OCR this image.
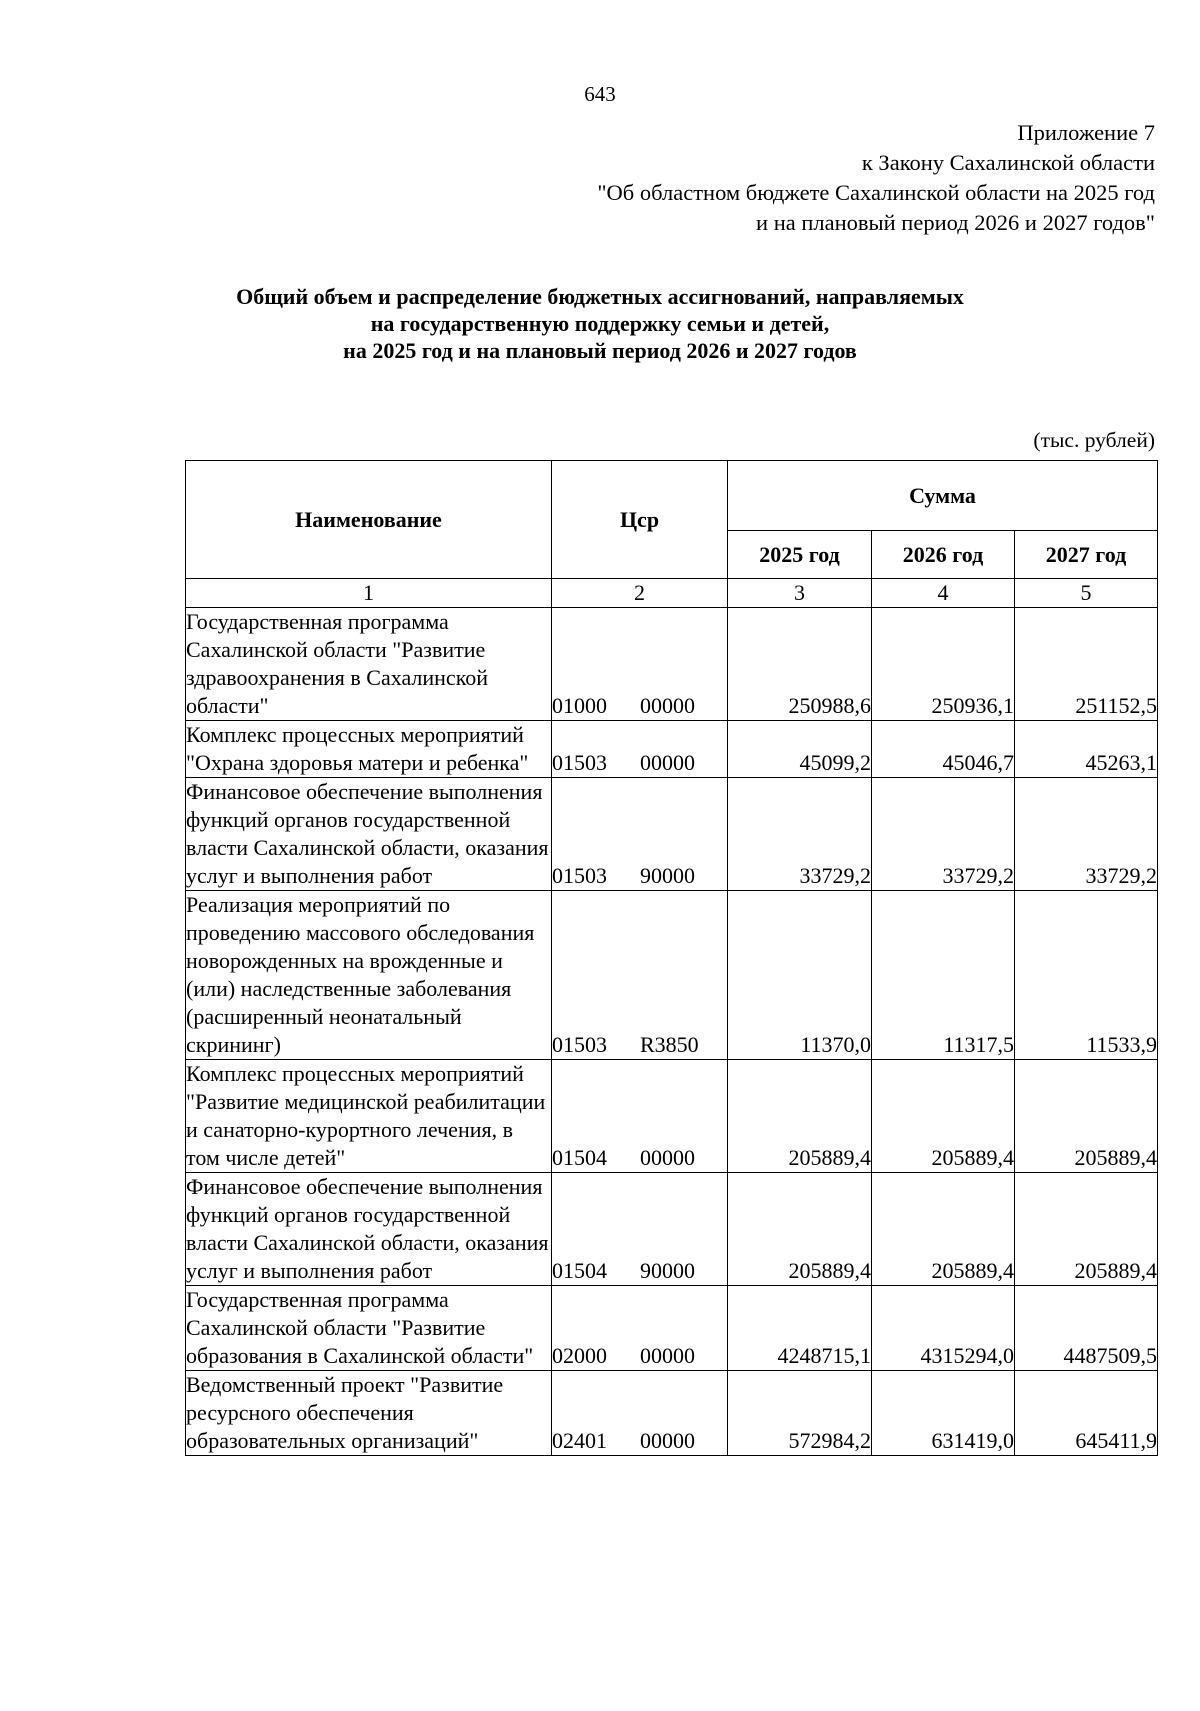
643
Приложение 7
к Закону Сахалинской области
"Об областном бюджете Сахалинской области на 2025 год
и на плановый период 2026 и 2027 годов"
Общий объем и распределение бюджетных ассигнований, направляемых
на государственную поддержку семьи и детей,
на 2025 год и на плановый период 2026 и 2027 годов
(тыс. рублей)
Наименование	Цср	Сумма		
		2025 год	2026 год	2027 год
1	2	3	4	5
Государственная программа Сахалинской области "Развитие здравоохранения в Сахалинской области"	01000 00000	250988,6	250936,1	251152,5
Комплекс процессных мероприятий "Охрана здоровья матери и ребенка"	01503 00000	45099,2	45046,7	45263,1
Финансовое обеспечение выполнения функций органов государственной власти Сахалинской области, оказания услуг и выполнения работ	01503 90000	33729,2	33729,2	33729,2
Реализация мероприятий по проведению массового обследования новорожденных на врожденные и (или) наследственные заболевания (расширенный неонатальный скрининг)	01503 R3850	11370,0	11317,5	11533,9
Комплекс процессных мероприятий "Развитие медицинской реабилитации и санаторно-курортного лечения, в том числе детей"	01504 00000	205889,4	205889,4	205889,4
Финансовое обеспечение выполнения функций органов государственной власти Сахалинской области, оказания услуг и выполнения работ	01504 90000	205889,4	205889,4	205889,4
Государственная программа Сахалинской области "Развитие образования в Сахалинской области"	02000 00000	4248715,1	4315294,0	4487509,5
Ведомственный проект "Развитие ресурсного обеспечения образовательных организаций"	02401 00000	572984,2	631419,0	645411,9
